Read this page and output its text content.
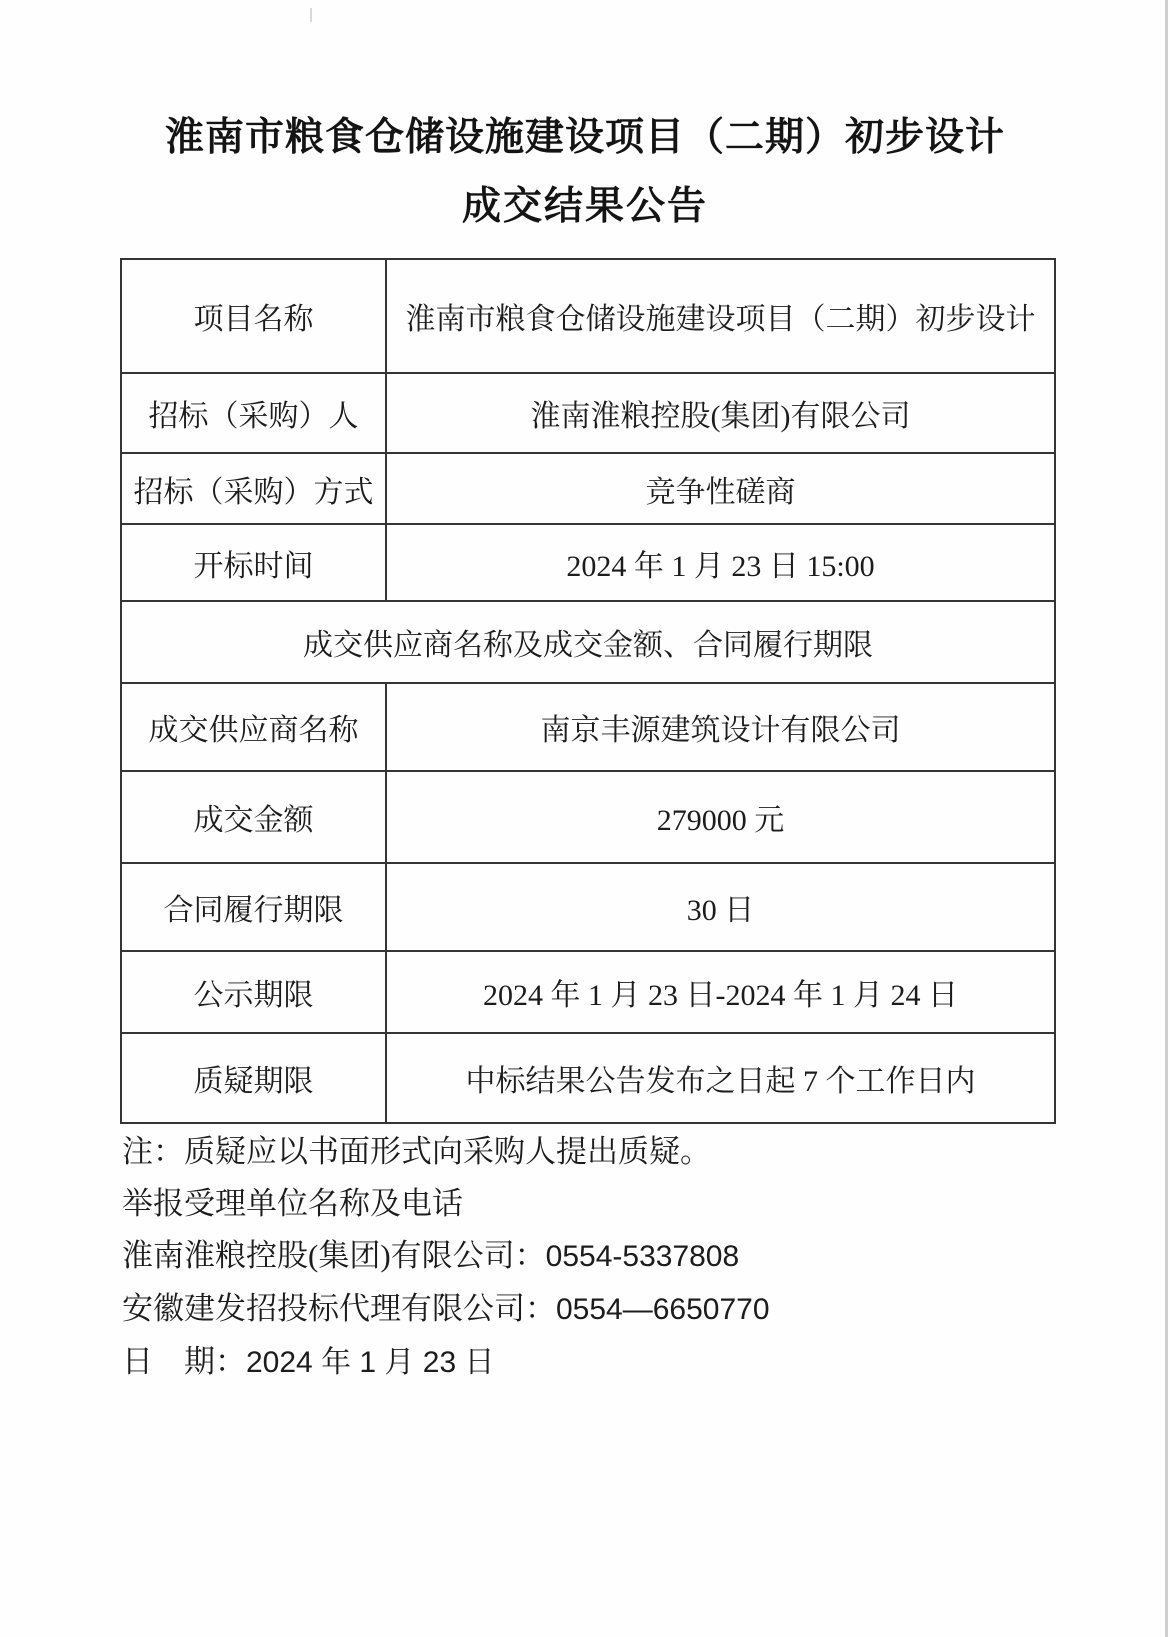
淮南市粮食仓储设施建设项目（二期）初步设计
成交结果公告
项目名称	淮南市粮食仓储设施建设项目（二期）初步设计
招标（采购）人	淮南淮粮控股(集团)有限公司
招标（采购）方式	竞争性磋商
开标时间	2024 年 1 月 23 日 15:00
成交供应商名称及成交金额、合同履行期限	
成交供应商名称	南京丰源建筑设计有限公司
成交金额	279000 元
合同履行期限	30 日
公示期限	2024 年 1 月 23 日-2024 年 1 月 24 日
质疑期限	中标结果公告发布之日起 7 个工作日内

注：质疑应以书面形式向采购人提出质疑。

举报受理单位名称及电话

淮南淮粮控股(集团)有限公司：0554-5337808

安徽建发招投标代理有限公司：0554—6650770

日　期：2024 年 1 月 23 日
